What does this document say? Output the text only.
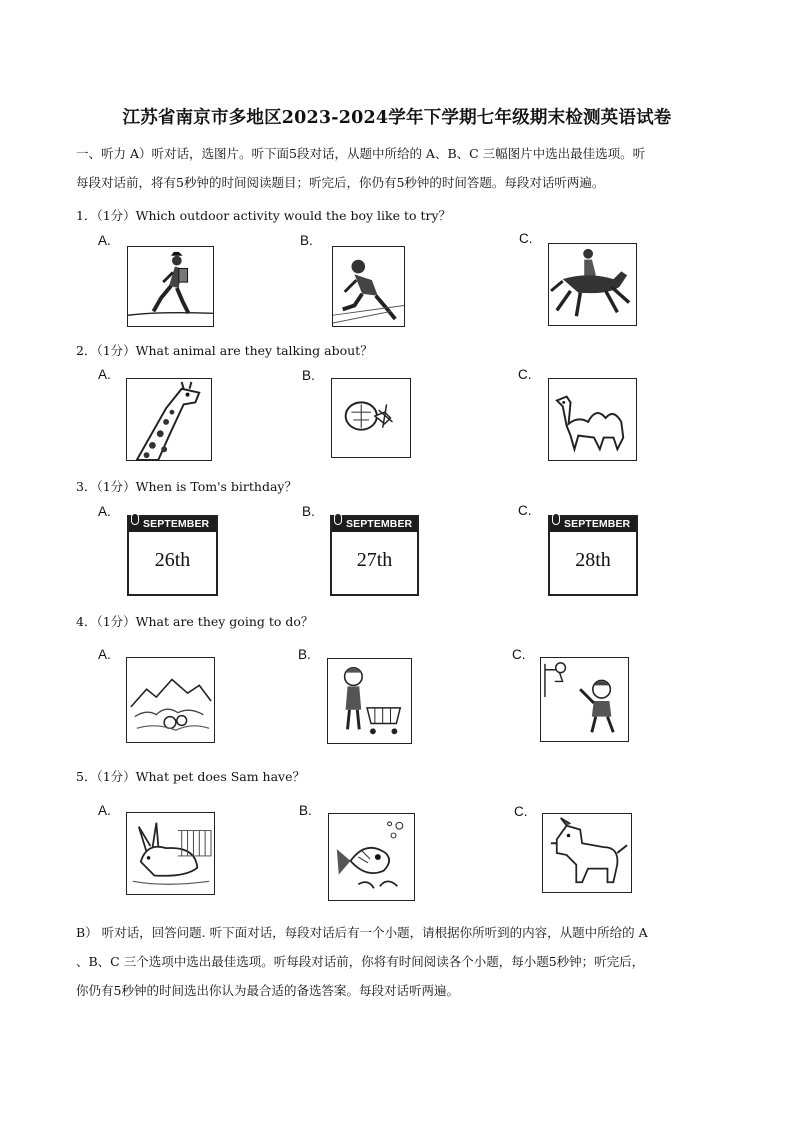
江苏省南京市多地区2023-2024学年下学期七年级期末检测英语试卷
一、听力 A）听对话，选图片。听下面5段对话，从题中所给的 A、B、C 三幅图片中选出最佳选项。听
每段对话前，将有5秒钟的时间阅读题目；听完后，你仍有5秒钟的时间答题。每段对话听两遍。
1．（1分）Which outdoor activity would the boy like to try？
A.	B.	C.
2．（1分）What animal are they talking about？
A.	B.	C.
3．（1分）When is Tom's birthday？
A.
SEPTEMBER
26th
B.
SEPTEMBER
27th
C.
SEPTEMBER
28th
4．（1分）What are they going to do？
A.	B.	C.
5．（1分）What pet does Sam have？
A.	B.	C.
B） 听对话，回答问题. 听下面对话，每段对话后有一个小题，请根据你所听到的内容，从题中所给的 A
、B、C 三个选项中选出最佳选项。听每段对话前，你将有时间阅读各个小题，每小题5秒钟；听完后，
你仍有5秒钟的时间选出你认为最合适的备选答案。每段对话听两遍。
